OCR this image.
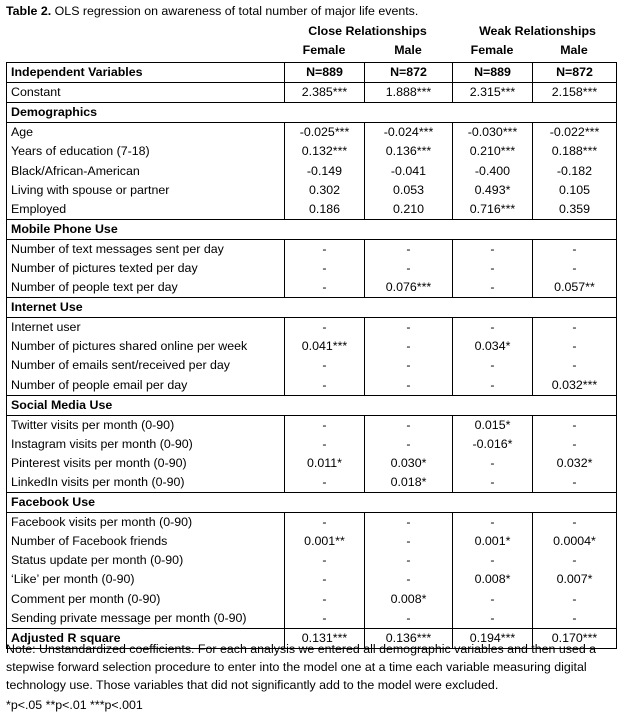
Table 2. OLS regression on awareness of total number of major life events.
Close Relationships	Weak Relationships
Female	Male	Female	Male
Independent Variables	N=889	N=872	N=889	N=872
Constant	2.385***	1.888***	2.315***	2.158***
Demographics				
Age	-0.025***	-0.024***	-0.030***	-0.022***
Years of education (7-18)	0.132***	0.136***	0.210***	0.188***
Black/African-American	-0.149	-0.041	-0.400	-0.182
Living with spouse or partner	0.302	0.053	0.493*	0.105
Employed	0.186	0.210	0.716***	0.359
Mobile Phone Use				
Number of text messages sent per day	-	-	-	-
Number of pictures texted per day	-	-	-	-
Number of people text per day	-	0.076***	-	0.057**
Internet Use				
Internet user	-	-	-	-
Number of pictures shared online per week	0.041***	-	0.034*	-
Number of emails sent/received per day	-	-	-	-
Number of people email per day	-	-	-	0.032***
Social Media Use				
Twitter visits per month (0-90)	-	-	0.015*	-
Instagram visits per month (0-90)	-	-	-0.016*	-
Pinterest visits per month (0-90)	0.011*	0.030*	-	0.032*
LinkedIn visits per month (0-90)	-	0.018*	-	-
Facebook Use				
Facebook visits per month (0-90)	-	-	-	-
Number of Facebook friends	0.001**	-	0.001*	0.0004*
Status update per month (0-90)	-	-	-	-
‘Like’ per month (0-90)	-	-	0.008*	0.007*
Comment per month (0-90)	-	0.008*	-	-
Sending private message per month (0-90)	-	-	-	-
Adjusted R square	0.131***	0.136***	0.194***	0.170***
Note: Unstandardized coefficients. For each analysis we entered all demographic variables and then used a stepwise forward selection procedure to enter into the model one at a time each variable measuring digital technology use. Those variables that did not significantly add to the model were excluded.
*p<.05 **p<.01 ***p<.001
